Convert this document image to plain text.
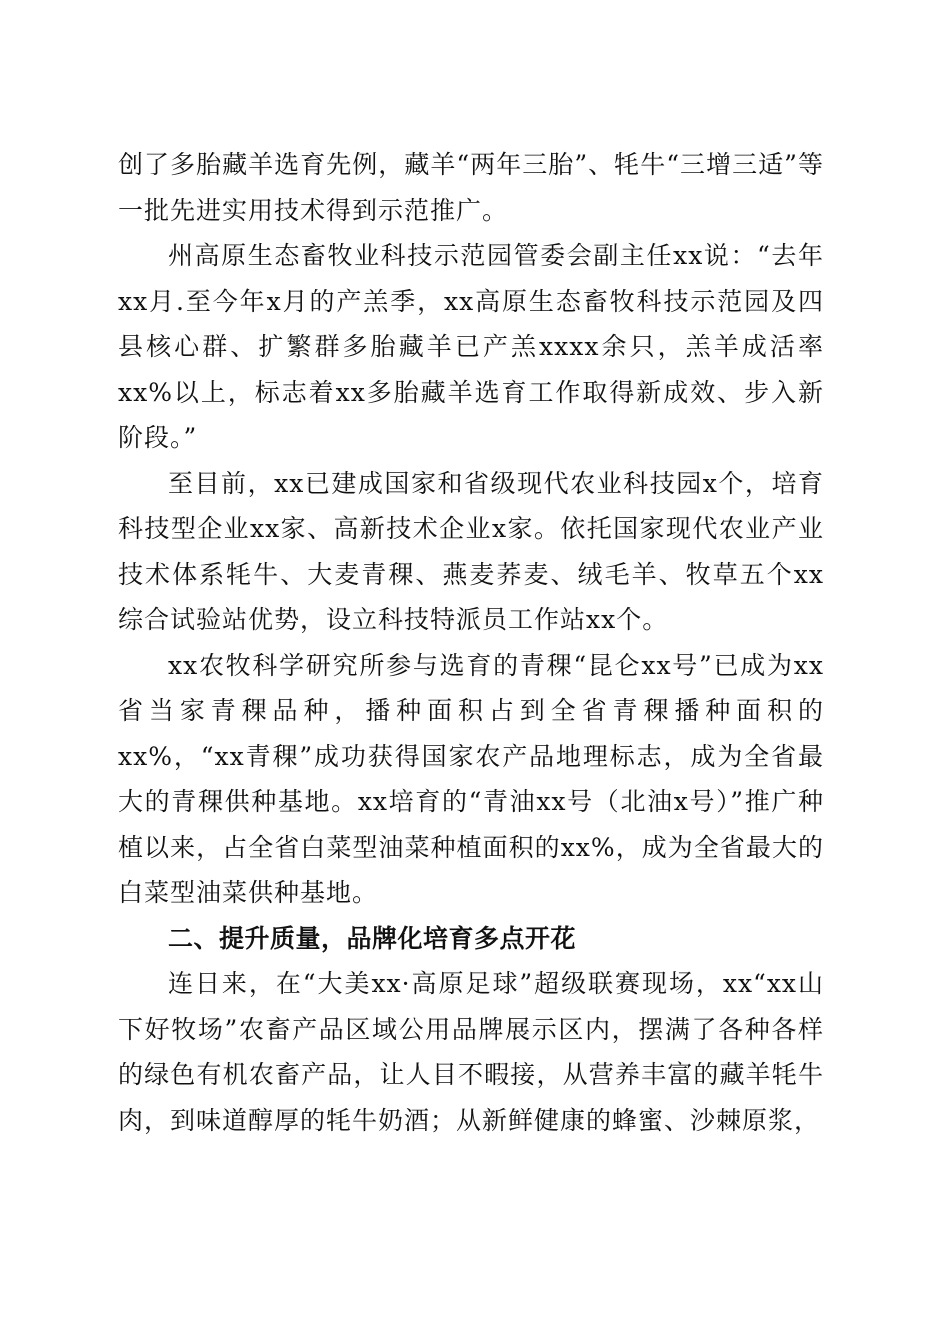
创了多胎藏羊选育先例，藏羊“两年三胎”、牦牛“三增三适”等一批先进实用技术得到示范推广。

州高原生态畜牧业科技示范园管委会副主任xx说：“去年xx月.至今年x月的产羔季，xx高原生态畜牧科技示范园及四县核心群、扩繁群多胎藏羊已产羔xxxx余只，羔羊成活率xx%以上，标志着xx多胎藏羊选育工作取得新成效、步入新阶段。”

至目前，xx已建成国家和省级现代农业科技园x个，培育科技型企业xx家、高新技术企业x家。依托国家现代农业产业技术体系牦牛、大麦青稞、燕麦荞麦、绒毛羊、牧草五个xx综合试验站优势，设立科技特派员工作站xx个。

xx农牧科学研究所参与选育的青稞“昆仑xx号”已成为xx省当家青稞品种，播种面积占到全省青稞播种面积的xx%，“xx青稞”成功获得国家农产品地理标志，成为全省最大的青稞供种基地。xx培育的“青油xx号（北油x号）”推广种植以来，占全省白菜型油菜种植面积的xx%，成为全省最大的白菜型油菜供种基地。

二、提升质量，品牌化培育多点开花

连日来，在“大美xx·高原足球”超级联赛现场，xx“xx山下好牧场”农畜产品区域公用品牌展示区内，摆满了各种各样的绿色有机农畜产品，让人目不暇接，从营养丰富的藏羊牦牛肉，到味道醇厚的牦牛奶酒；从新鲜健康的蜂蜜、沙棘原浆，
